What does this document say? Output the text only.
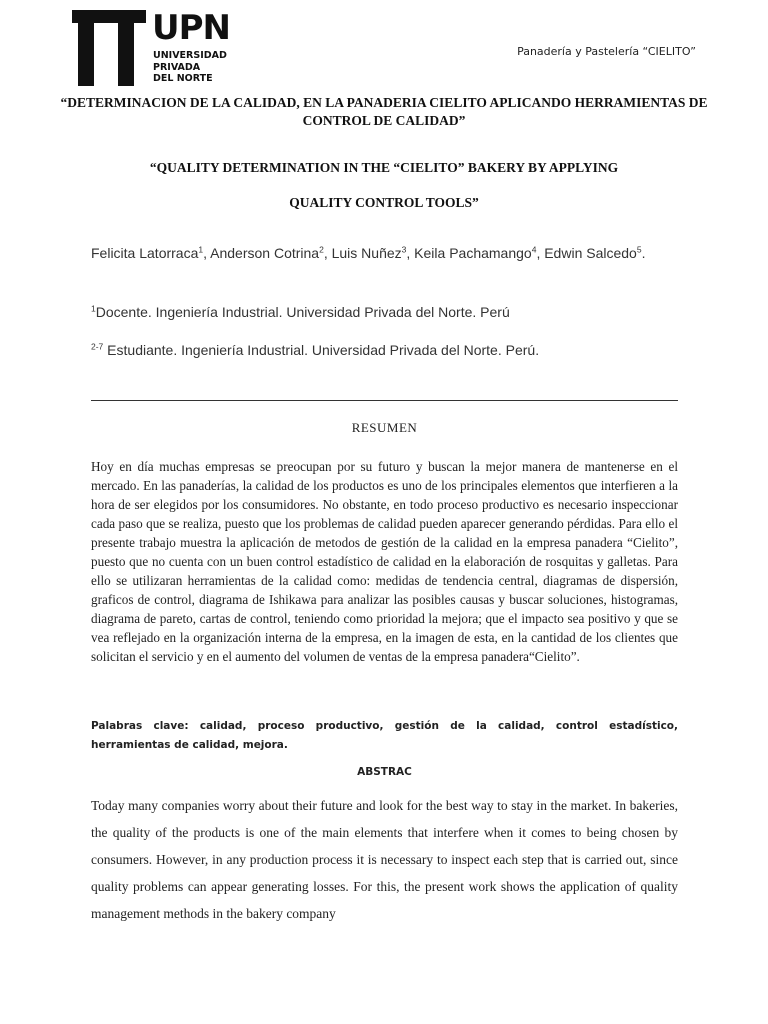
UPN
UNIVERSIDAD
PRIVADA
DEL NORTE
Panadería y Pastelería “CIELITO”
“DETERMINACION DE LA CALIDAD, EN LA PANADERIA CIELITO APLICANDO HERRAMIENTAS DE CONTROL DE CALIDAD”
“QUALITY DETERMINATION IN THE “CIELITO” BAKERY BY APPLYING
QUALITY CONTROL TOOLS”
Felicita Latorraca$^1$, Anderson Cotrina$^2$, Luis Nuñez$^3$, Keila Pachamango$^4$, Edwin Salcedo$^5$.
$^1$Docente. Ingeniería Industrial. Universidad Privada del Norte. Perú
$^{2-7}$ Estudiante. Ingeniería Industrial. Universidad Privada del Norte. Perú.
RESUMEN

Hoy en día muchas empresas se preocupan por su futuro y buscan la mejor manera de mantenerse en el mercado. En las panaderías, la calidad de los productos es uno de los principales elementos que interfieren a la hora de ser elegidos por los consumidores. No obstante, en todo proceso productivo es necesario inspeccionar cada paso que se realiza, puesto que los problemas de calidad pueden aparecer generando pérdidas. Para ello el presente trabajo muestra la aplicación de metodos de gestión de la calidad en la empresa panadera “Cielito”, puesto que no cuenta con un buen control estadístico de calidad en la elaboración de rosquitas y galletas. Para ello se utilizaran herramientas de la calidad como: medidas de tendencia central, diagramas de dispersión, graficos de control, diagrama de Ishikawa para analizar las posibles causas y buscar soluciones, histogramas, diagrama de pareto, cartas de control, teniendo como prioridad la mejora; que el impacto sea positivo y que se vea reflejado en la organización interna de la empresa, en la imagen de esta, en la cantidad de los clientes que solicitan el servicio y en el aumento del volumen de ventas de la empresa panadera“Cielito”.

Palabras clave: calidad, proceso productivo, gestión de la calidad, control estadístico, herramientas de calidad, mejora.

ABSTRAC

Today many companies worry about their future and look for the best way to stay in the market. In bakeries, the quality of the products is one of the main elements that interfere when it comes to being chosen by consumers. However, in any production process it is necessary to inspect each step that is carried out, since quality problems can appear generating losses. For this, the present work shows the application of quality management methods in the bakery company
